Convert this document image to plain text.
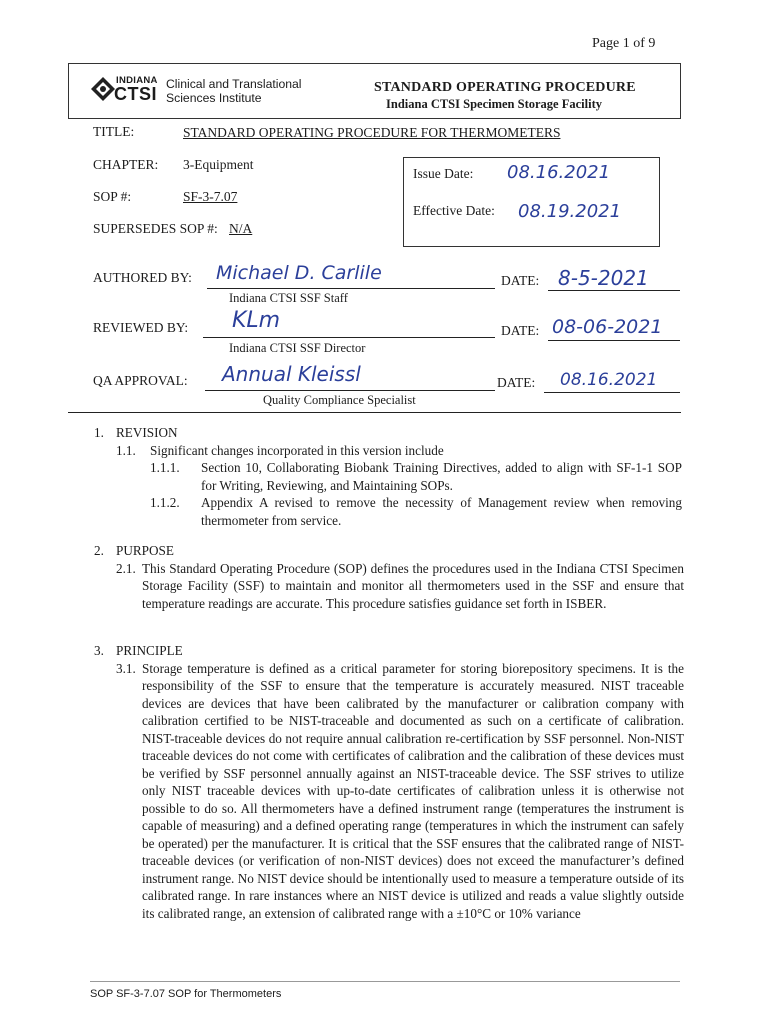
Page 1 of 9
INDIANA
CTSI Clinical and Translational
Sciences Institute
STANDARD OPERATING PROCEDURE
Indiana CTSI Specimen Storage Facility
TITLE:	STANDARD OPERATING PROCEDURE FOR THERMOMETERS
CHAPTER: 3-Equipment
SOP #:	SF-3-7.07
SUPERSEDES SOP #: N/A
Issue Date: 08.16.2021
Effective Date: 08.19.2021
AUTHORED BY: Michael D. Carlile
Indiana CTSI SSF Staff
DATE: 8-5-2021
REVIEWED BY: KLm
Indiana CTSI SSF Director
DATE: 08-06-2021
QA APPROVAL: Annual Kleissl
Quality Compliance Specialist
DATE: 08.16.2021
1. REVISION
1.1.	Significant changes incorporated in this version include

1.1.1.	Section 10, Collaborating Biobank Training Directives, added to align with SF-1-1 SOP for Writing, Reviewing, and Maintaining SOPs.

1.1.2.	Appendix A revised to remove the necessity of Management review when removing thermometer from service.

2. PURPOSE
2.1. This Standard Operating Procedure (SOP) defines the procedures used in the Indiana CTSI Specimen Storage Facility (SSF) to maintain and monitor all thermometers used in the SSF and ensure that temperature readings are accurate. This procedure satisfies guidance set forth in ISBER.

3. PRINCIPLE
3.1. Storage temperature is defined as a critical parameter for storing biorepository specimens. It is the responsibility of the SSF to ensure that the temperature is accurately measured. NIST traceable devices are devices that have been calibrated by the manufacturer or calibration company with calibration certified to be NIST-traceable and documented as such on a certificate of calibration. NIST-traceable devices do not require annual calibration re-certification by SSF personnel. Non-NIST traceable devices do not come with certificates of calibration and the calibration of these devices must be verified by SSF personnel annually against an NIST-traceable device. The SSF strives to utilize only NIST traceable devices with up-to-date certificates of calibration unless it is otherwise not possible to do so. All thermometers have a defined instrument range (temperatures the instrument is capable of measuring) and a defined operating range (temperatures in which the instrument can safely be operated) per the manufacturer. It is critical that the SSF ensures that the calibrated range of NIST-traceable devices (or verification of non-NIST devices) does not exceed the manufacturer’s defined instrument range. No NIST device should be intentionally used to measure a temperature outside of its calibrated range. In rare instances where an NIST device is utilized and reads a value slightly outside its calibrated range, an extension of calibrated range with a ±10°C or 10% variance

SOP SF-3-7.07 SOP for Thermometers
